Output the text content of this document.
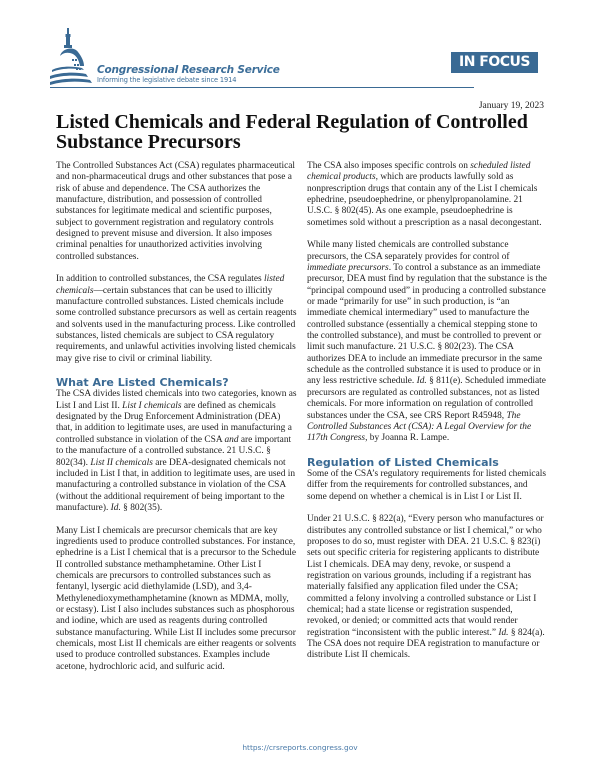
Congressional Research Service
Informing the legislative debate since 1914
IN FOCUS
January 19, 2023
Listed Chemicals and Federal Regulation of Controlled Substance Precursors

The Controlled Substances Act (CSA) regulates pharmaceutical and non-pharmaceutical drugs and other substances that pose a risk of abuse and dependence. The CSA authorizes the manufacture, distribution, and possession of controlled substances for legitimate medical and scientific purposes, subject to government registration and regulatory controls designed to prevent misuse and diversion. It also imposes criminal penalties for unauthorized activities involving controlled substances.

In addition to controlled substances, the CSA regulates listed chemicals—certain substances that can be used to illicitly manufacture controlled substances. Listed chemicals include some controlled substance precursors as well as certain reagents and solvents used in the manufacturing process. Like controlled substances, listed chemicals are subject to CSA regulatory requirements, and unlawful activities involving listed chemicals may give rise to civil or criminal liability.

What Are Listed Chemicals?

The CSA divides listed chemicals into two categories, known as List I and List II. List I chemicals are defined as chemicals designated by the Drug Enforcement Administration (DEA) that, in addition to legitimate uses, are used in manufacturing a controlled substance in violation of the CSA and are important to the manufacture of a controlled substance. 21 U.S.C. § 802(34). List II chemicals are DEA-designated chemicals not included in List I that, in addition to legitimate uses, are used in manufacturing a controlled substance in violation of the CSA (without the additional requirement of being important to the manufacture). Id. § 802(35).

Many List I chemicals are precursor chemicals that are key ingredients used to produce controlled substances. For instance, ephedrine is a List I chemical that is a precursor to the Schedule II controlled substance methamphetamine. Other List I chemicals are precursors to controlled substances such as fentanyl, lysergic acid diethylamide (LSD), and 3,4-Methylenedioxymethamphetamine (known as MDMA, molly, or ecstasy). List I also includes substances such as phosphorous and iodine, which are used as reagents during controlled substance manufacturing. While List II includes some precursor chemicals, most List II chemicals are either reagents or solvents used to produce controlled substances. Examples include acetone, hydrochloric acid, and sulfuric acid.

The CSA also imposes specific controls on scheduled listed chemical products, which are products lawfully sold as nonprescription drugs that contain any of the List I chemicals ephedrine, pseudoephedrine, or phenylpropanolamine. 21 U.S.C. § 802(45). As one example, pseudoephedrine is sometimes sold without a prescription as a nasal decongestant.

While many listed chemicals are controlled substance precursors, the CSA separately provides for control of immediate precursors. To control a substance as an immediate precursor, DEA must find by regulation that the substance is the “principal compound used” in producing a controlled substance or made “primarily for use” in such production, is “an immediate chemical intermediary” used to manufacture the controlled substance (essentially a chemical stepping stone to the controlled substance), and must be controlled to prevent or limit such manufacture. 21 U.S.C. § 802(23). The CSA authorizes DEA to include an immediate precursor in the same schedule as the controlled substance it is used to produce or in any less restrictive schedule. Id. § 811(e). Scheduled immediate precursors are regulated as controlled substances, not as listed chemicals. For more information on regulation of controlled substances under the CSA, see CRS Report R45948, The Controlled Substances Act (CSA): A Legal Overview for the 117th Congress, by Joanna R. Lampe.

Regulation of Listed Chemicals

Some of the CSA’s regulatory requirements for listed chemicals differ from the requirements for controlled substances, and some depend on whether a chemical is in List I or List II.

Under 21 U.S.C. § 822(a), “Every person who manufactures or distributes any controlled substance or list I chemical,” or who proposes to do so, must register with DEA. 21 U.S.C. § 823(i) sets out specific criteria for registering applicants to distribute List I chemicals. DEA may deny, revoke, or suspend a registration on various grounds, including if a registrant has materially falsified any application filed under the CSA; committed a felony involving a controlled substance or List I chemical; had a state license or registration suspended, revoked, or denied; or committed acts that would render registration “inconsistent with the public interest.” Id. § 824(a). The CSA does not require DEA registration to manufacture or distribute List II chemicals.

https://crsreports.congress.gov
